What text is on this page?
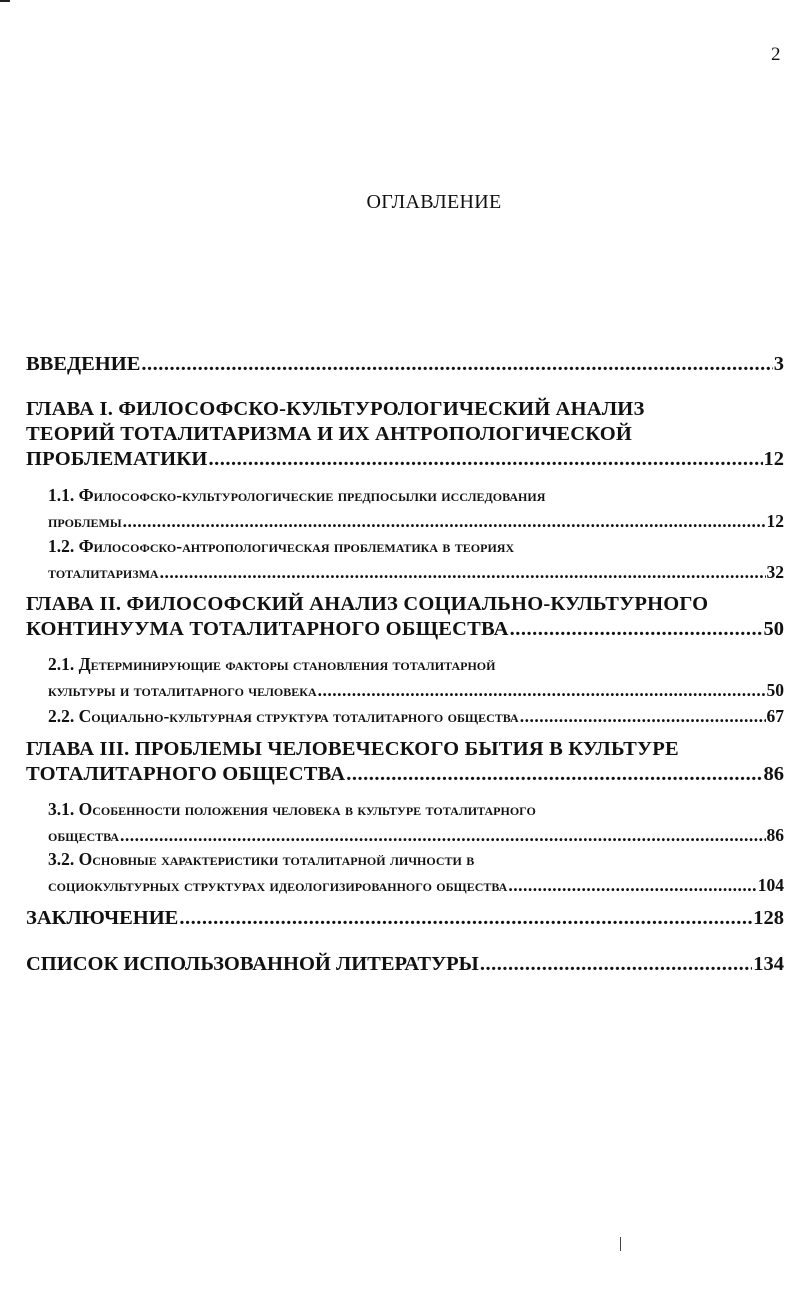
2
ОГЛАВЛЕНИЕ
ВВЕДЕНИЕ .....	3
ГЛАВА I. ФИЛОСОФСКО-КУЛЬТУРОЛОГИЧЕСКИЙ АНАЛИЗ
ТЕОРИЙ ТОТАЛИТАРИЗМА И ИХ АНТРОПОЛОГИЧЕСКОЙ
ПРОБЛЕМАТИКИ .....	12
1.1. Философско-культурологические предпосылки исследования
проблемы .....	12
1.2. Философско-антропологическая проблематика в теориях
тоталитаризма .....	32
ГЛАВА II. ФИЛОСОФСКИЙ АНАЛИЗ СОЦИАЛЬНО-КУЛЬТУРНОГО
КОНТИНУУМА ТОТАЛИТАРНОГО ОБЩЕСТВА .....	50
2.1. Детерминирующие факторы становления тоталитарной
культуры и тоталитарного человека .....	50
2.2. Социально-культурная структура тоталитарного общества .....	67
ГЛАВА III. ПРОБЛЕМЫ ЧЕЛОВЕЧЕСКОГО БЫТИЯ В КУЛЬТУРЕ
ТОТАЛИТАРНОГО ОБЩЕСТВА .....	86
3.1. Особенности положения человека в культуре тоталитарного
общества .....	86
3.2. Основные характеристики тоталитарной личности в
социокультурных структурах идеологизированного общества .....	104
ЗАКЛЮЧЕНИЕ .....	128
СПИСОК ИСПОЛЬЗОВАННОЙ ЛИТЕРАТУРЫ .....	134
